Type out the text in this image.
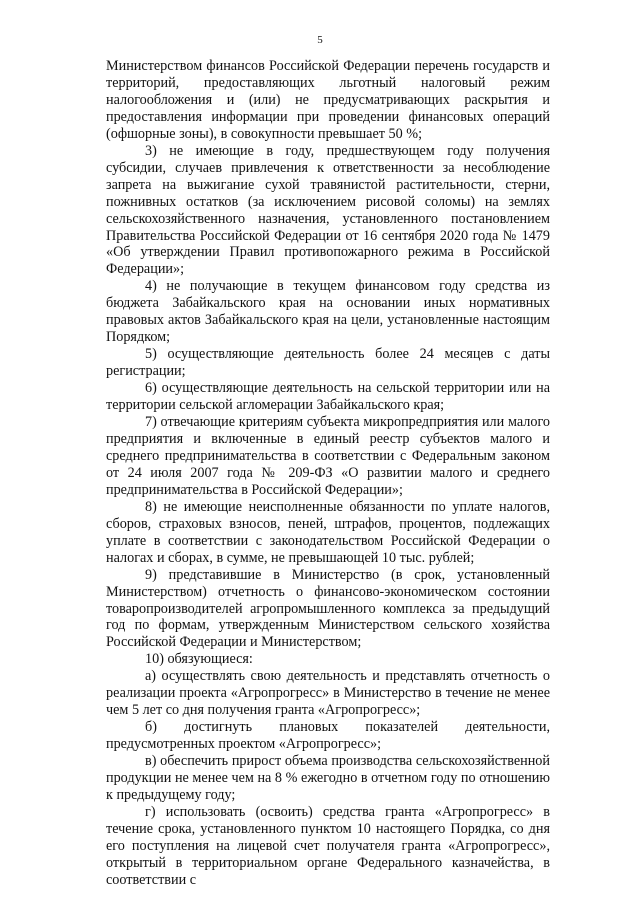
5

Министерством финансов Российской Федерации перечень государств и территорий, предоставляющих льготный налоговый режим налогообложения и (или) не предусматривающих раскрытия и предоставления информации при проведении финансовых операций (офшорные зоны), в совокупности превышает 50 %;

3) не имеющие в году, предшествующем году получения субсидии, случаев привлечения к ответственности за несоблюдение запрета на выжигание сухой травянистой растительности, стерни, пожнивных остатков (за исключением рисовой соломы) на землях сельскохозяйственного назначения, установленного постановлением Правительства Российской Федерации от 16 сентября 2020 года № 1479 «Об утверждении Правил противопожарного режима в Российской Федерации»;

4) не получающие в текущем финансовом году средства из бюджета Забайкальского края на основании иных нормативных правовых актов Забайкальского края на цели, установленные настоящим Порядком;

5) осуществляющие деятельность более 24 месяцев с даты регистрации;

6) осуществляющие деятельность на сельской территории или на территории сельской агломерации Забайкальского края;

7) отвечающие критериям субъекта микропредприятия или малого предприятия и включенные в единый реестр субъектов малого и среднего предпринимательства в соответствии с Федеральным законом от 24 июля 2007 года № 209-ФЗ «О развитии малого и среднего предпринимательства в Российской Федерации»;

8) не имеющие неисполненные обязанности по уплате налогов, сборов, страховых взносов, пеней, штрафов, процентов, подлежащих уплате в соответствии с законодательством Российской Федерации о налогах и сборах, в сумме, не превышающей 10 тыс. рублей;

9) представившие в Министерство (в срок, установленный Министерством) отчетность о финансово-экономическом состоянии товаропроизводителей агропромышленного комплекса за предыдущий год по формам, утвержденным Министерством сельского хозяйства Российской Федерации и Министерством;

10) обязующиеся:

а) осуществлять свою деятельность и представлять отчетность о реализации проекта «Агропрогресс» в Министерство в течение не менее чем 5 лет со дня получения гранта «Агропрогресс»;

б) достигнуть плановых показателей деятельности, предусмотренных проектом «Агропрогресс»;

в) обеспечить прирост объема производства сельскохозяйственной продукции не менее чем на 8 % ежегодно в отчетном году по отношению к предыдущему году;

г) использовать (освоить) средства гранта «Агропрогресс» в течение срока, установленного пунктом 10 настоящего Порядка, со дня его поступления на лицевой счет получателя гранта «Агропрогресс», открытый в территориальном органе Федерального казначейства, в соответствии с
